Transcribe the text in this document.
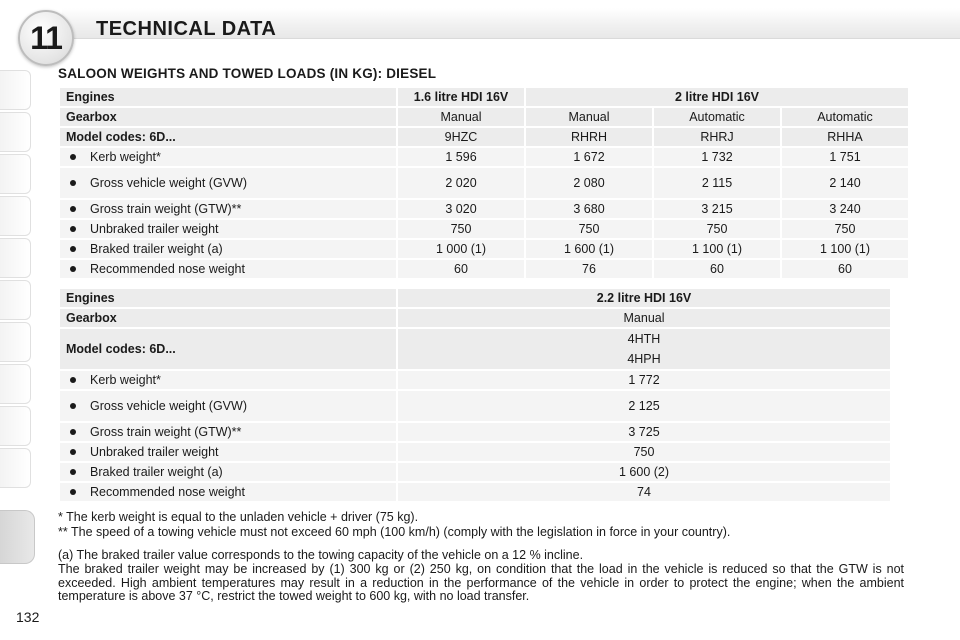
11	TECHNICAL DATA
SALOON WEIGHTS AND TOWED LOADS (IN KG): DIESEL
Engines	1.6 litre HDI 16V	2 litre HDI 16V		
Gearbox	Manual	Manual	Automatic	Automatic
Model codes: 6D...	9HZC	RHRH	RHRJ	RHHA
Kerb weight*	1 596	1 672	1 732	1 751
Gross vehicle weight (GVW)	2 020	2 080	2 115	2 140
Gross train weight (GTW)**	3 020	3 680	3 215	3 240
Unbraked trailer weight	750	750	750	750
Braked trailer weight (a)	1 000 (1)	1 600 (1)	1 100 (1)	1 100 (1)
Recommended nose weight	60	76	60	60
Engines	2.2 litre HDI 16V
Gearbox	Manual
Model codes: 6D...	4HTH
4HPH

Kerb weight*	1 772
Gross vehicle weight (GVW)	2 125
Gross train weight (GTW)**	3 725
Unbraked trailer weight	750
Braked trailer weight (a)	1 600 (2)
Recommended nose weight	74

* The kerb weight is equal to the unladen vehicle + driver (75 kg).

** The speed of a towing vehicle must not exceed 60 mph (100 km/h) (comply with the legislation in force in your country).

(a) The braked trailer value corresponds to the towing capacity of the vehicle on a 12 % incline.

The braked trailer weight may be increased by (1) 300 kg or (2) 250 kg, on condition that the load in the vehicle is reduced so that the GTW is not exceeded. High ambient temperatures may result in a reduction in the performance of the vehicle in order to protect the engine; when the ambient temperature is above 37 °C, restrict the towed weight to 600 kg, with no load transfer.

132
